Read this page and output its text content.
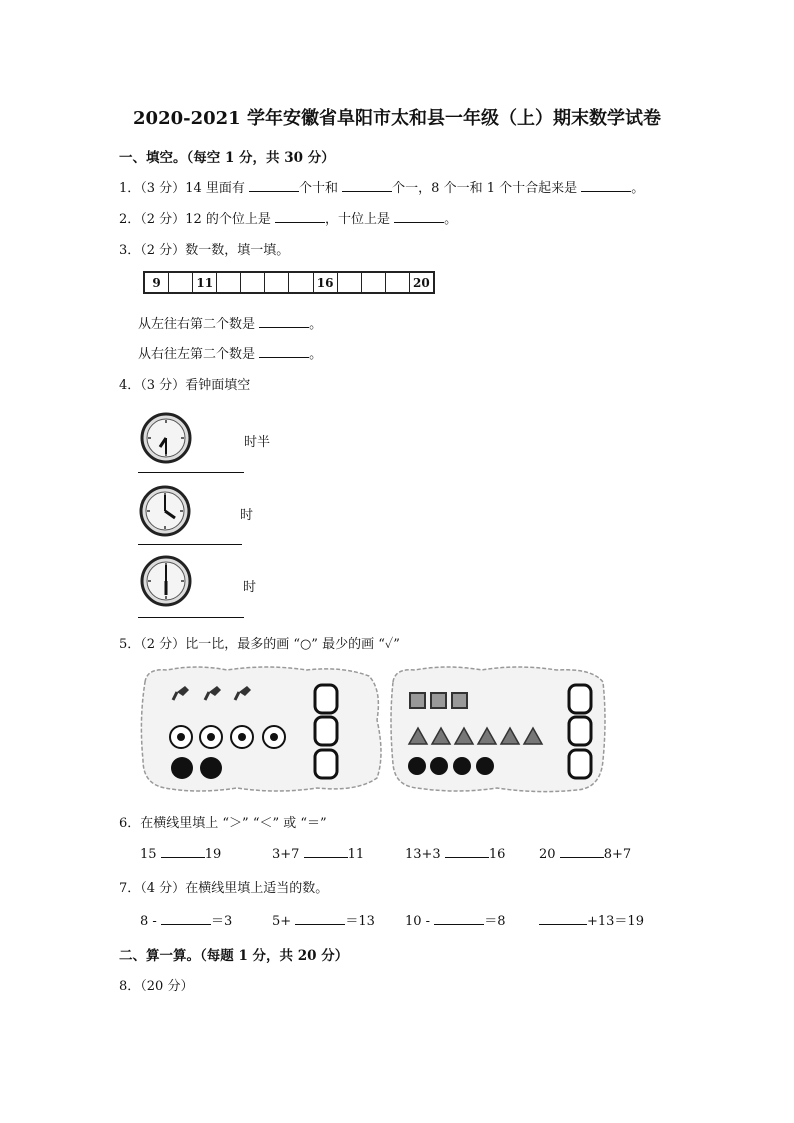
2020-2021 学年安徽省阜阳市太和县一年级（上）期末数学试卷
一、填空。（每空 1 分，共 30 分）
1．（3 分）14 里面有	个十和	个一，8 个一和 1 个十合起来是	。
2．（2 分）12 的个位上是	，十位上是	。
3．（2 分）数一数，填一填。
9	11	16	20
从左往右第二个数是	。
从右往左第二个数是	。
4．（3 分）看钟面填空
时半
时
时
5．（2 分）比一比，最多的画 “○” 最少的画 “✓”
6．在横线里填上 “＞” “＜” 或 “＝”
15	19	3+7	11	13+3	16	20	8+7
7．（4 分）在横线里填上适当的数。
8 -	＝3	5+	＝13 10 -	＝8	+13＝19
二、算一算。（每题 1 分，共 20 分）
8．（20 分）
